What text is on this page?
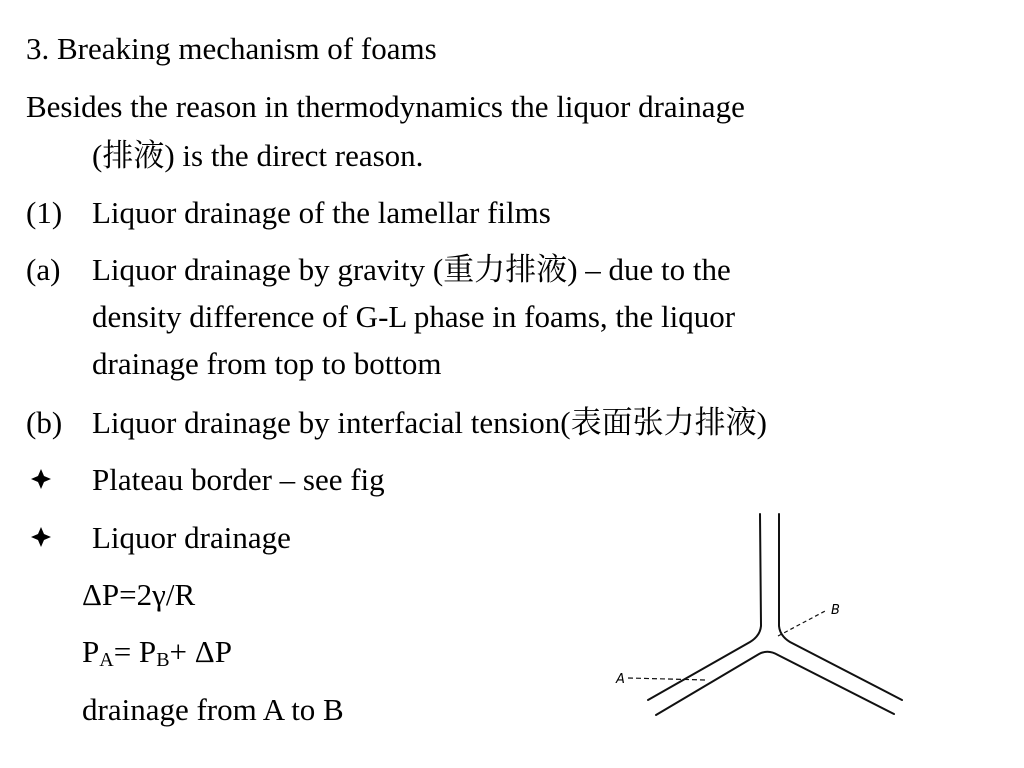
3. Breaking mechanism of foams
Besides the reason in thermodynamics the liquor drainage
(排液) is the direct reason.
(1) Liquor drainage of the lamellar films
(a) Liquor drainage by gravity (重力排液) – due to the
density difference of G-L phase in foams, the liquor
drainage from top to bottom
(b) Liquor drainage by interfacial tension(表面张力排液)
Plateau border – see fig
Liquor drainage
ΔP=2γ/R
$P_A= P_B+ \Delta P$
drainage from A to B
B
A
